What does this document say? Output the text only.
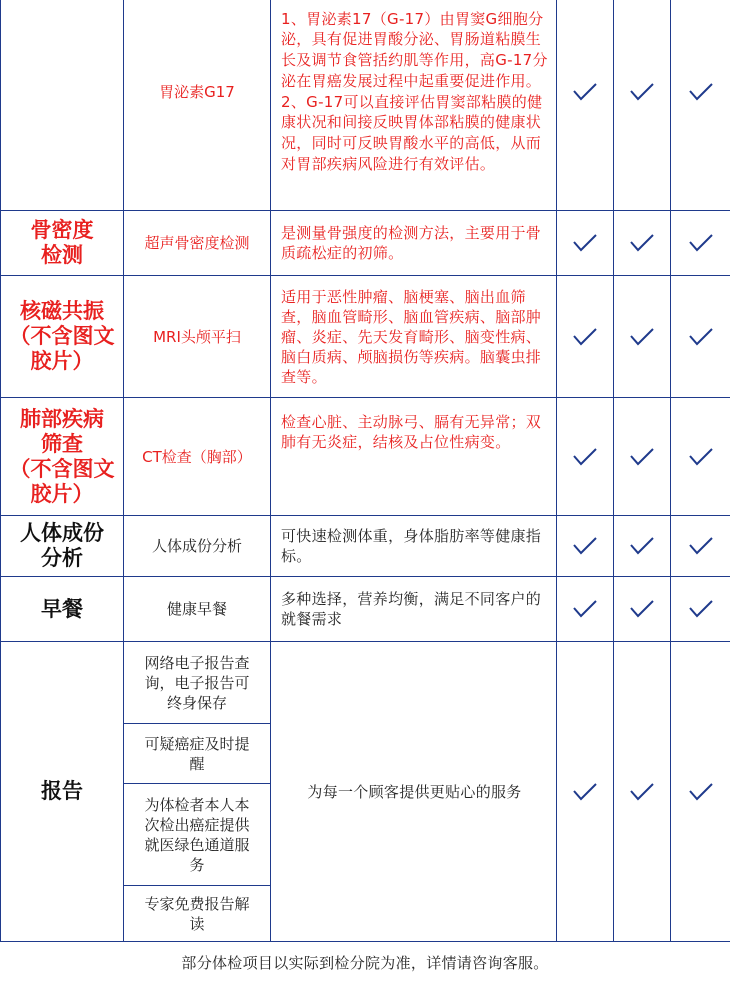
	胃泌素G17	1、胃泌素17（G-17）由胃窦G细胞分泌，具有促进胃酸分泌、胃肠道粘膜生长及调节食管括约肌等作用，高G-17分泌在胃癌发展过程中起重要促进作用。
2、G-17可以直接评估胃窦部粘膜的健康状况和间接反映胃体部粘膜的健康状况，同时可反映胃酸水平的高低，从而对胃部疾病风险进行有效评估。	

骨密度
检测	超声骨密度检测	是测量骨强度的检测方法，主要用于骨质疏松症的初筛。	

核磁共振
（不含图文
胶片）	MRI头颅平扫	适用于恶性肿瘤、脑梗塞、脑出血筛查，脑血管畸形、脑血管疾病、脑部肿瘤、炎症、先天发育畸形、脑变性病、脑白质病、颅脑损伤等疾病。脑囊虫排查等。	

肺部疾病
筛查
（不含图文
胶片）	CT检查（胸部）	检查心脏、主动脉弓、膈有无异常；双肺有无炎症，结核及占位性病变。	

人体成份
分析	人体成份分析	可快速检测体重，身体脂肪率等健康指标。	

早餐	健康早餐	多种选择，营养均衡，满足不同客户的就餐需求	

报告	网络电子报告查询，电子报告可终身保存	为每一个顾客提供更贴心的服务	

	可疑癌症及时提醒				
	为体检者本人本次检出癌症提供就医绿色通道服务				
	专家免费报告解读				
部分体检项目以实际到检分院为准，详情请咨询客服。
